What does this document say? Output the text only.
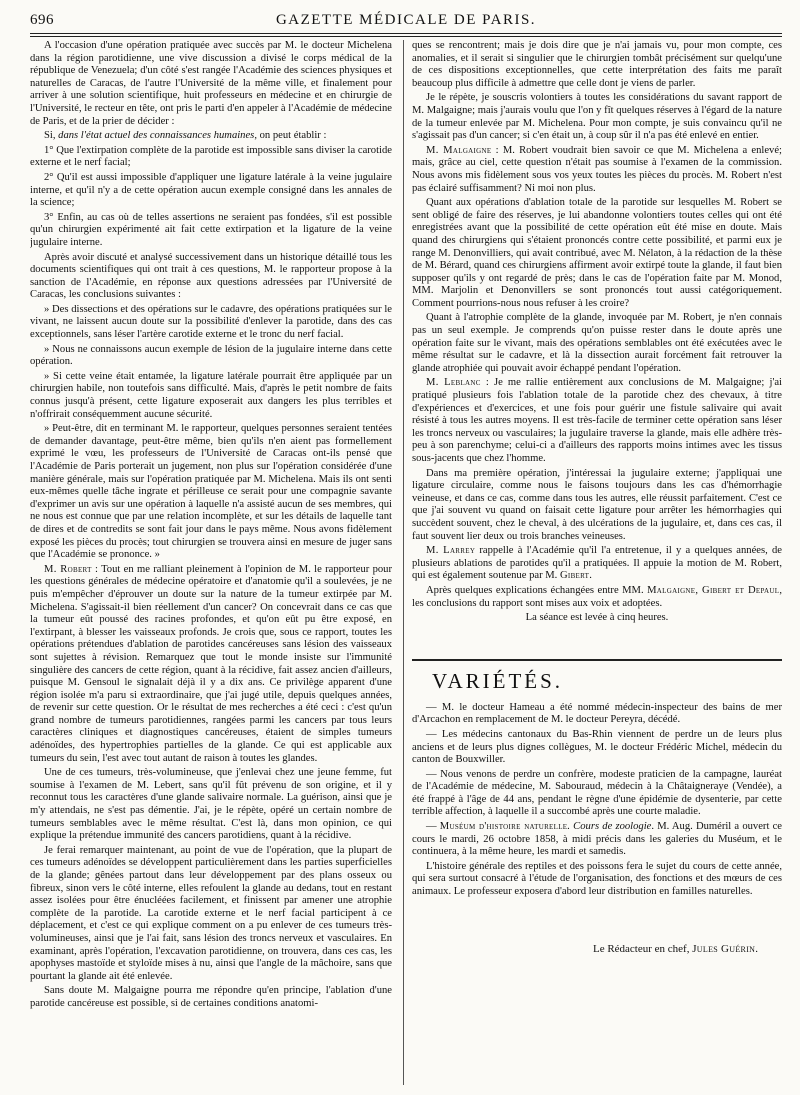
696	GAZETTE MÉDICALE DE PARIS.

A l'occasion d'une opération pratiquée avec succès par M. le docteur Michelena dans la région parotidienne, une vive discussion a divisé le corps médical de la république de Venezuela; d'un côté s'est rangée l'Académie des sciences physiques et naturelles de Caracas, de l'autre l'Université de la même ville, et finalement pour arriver à une solution scientifique, huit professeurs en médecine et en chirurgie de l'Université, le recteur en tête, ont pris le parti d'en appeler à l'Académie de médecine de Paris, et de la prier de décider :

Si, dans l'état actuel des connaissances humaines, on peut établir :

1° Que l'extirpation complète de la parotide est impossible sans diviser la carotide externe et le nerf facial;

2° Qu'il est aussi impossible d'appliquer une ligature latérale à la veine jugulaire interne, et qu'il n'y a de cette opération aucun exemple consigné dans les annales de la science;

3° Enfin, au cas où de telles assertions ne seraient pas fondées, s'il est possible qu'un chirurgien expérimenté ait fait cette extirpation et la ligature de la veine jugulaire interne.

Après avoir discuté et analysé successivement dans un historique détaillé tous les documents scientifiques qui ont trait à ces questions, M. le rapporteur propose à la sanction de l'Académie, en réponse aux questions adressées par l'Université de Caracas, les conclusions suivantes :

» Des dissections et des opérations sur le cadavre, des opérations pratiquées sur le vivant, ne laissent aucun doute sur la possibilité d'enlever la parotide, dans des cas exceptionnels, sans léser l'artère carotide externe et le tronc du nerf facial.

» Nous ne connaissons aucun exemple de lésion de la jugulaire interne dans cette opération.

» Si cette veine était entamée, la ligature latérale pourrait être appliquée par un chirurgien habile, non toutefois sans difficulté. Mais, d'après le petit nombre de faits connus jusqu'à présent, cette ligature exposerait aux dangers les plus terribles et n'offrirait conséquemment aucune sécurité.

» Peut-être, dit en terminant M. le rapporteur, quelques personnes seraient tentées de demander davantage, peut-être même, bien qu'ils n'en aient pas formellement exprimé le vœu, les professeurs de l'Université de Caracas ont-ils pensé que l'Académie de Paris porterait un jugement, non plus sur l'opération considérée d'une manière générale, mais sur l'opération pratiquée par M. Michelena. Mais ils ont senti eux-mêmes quelle tâche ingrate et périlleuse ce serait pour une compagnie savante d'exprimer un avis sur une opération à laquelle n'a assisté aucun de ses membres, qui ne nous est connue que par une relation incomplète, et sur les détails de laquelle tant de dires et de contredits se sont fait jour dans le pays même. Nous avons fidèlement exposé les pièces du procès; tout chirurgien se trouvera ainsi en mesure de juger sans que l'Académie se prononce. »

M. Robert : Tout en me ralliant pleinement à l'opinion de M. le rapporteur pour les questions générales de médecine opératoire et d'anatomie qu'il a soulevées, je ne puis m'empêcher d'éprouver un doute sur la nature de la tumeur extirpée par M. Michelena. S'agissait-il bien réellement d'un cancer? On concevrait dans ce cas que la tumeur eût poussé des racines profondes, et qu'on eût pu être exposé, en l'extirpant, à blesser les vaisseaux profonds. Je crois que, sous ce rapport, toutes les opérations prétendues d'ablation de parotides cancéreuses sans lésion des vaisseaux sont sujettes à révision. Remarquez que tout le monde insiste sur l'immunité singulière des cancers de cette région, quant à la récidive, fait assez ancien d'ailleurs, puisque M. Gensoul le signalait déjà il y a dix ans. Ce privilège apparent d'une région isolée m'a paru si extraordinaire, que j'ai jugé utile, depuis quelques années, de revenir sur cette question. Or le résultat de mes recherches a été ceci : c'est qu'un grand nombre de tumeurs parotidiennes, rangées parmi les cancers par tous leurs caractères cliniques et diagnostiques cancéreuses, étaient de simples tumeurs adénoïdes, des hypertrophies partielles de la glande. Ce qui est applicable aux tumeurs du sein, l'est avec tout autant de raison à toutes les glandes.

Une de ces tumeurs, très-volumineuse, que j'enlevai chez une jeune femme, fut soumise à l'examen de M. Lebert, sans qu'il fût prévenu de son origine, et il y reconnut tous les caractères d'une glande salivaire normale. La guérison, ainsi que je m'y attendais, ne s'est pas démentie. J'ai, je le répète, opéré un certain nombre de tumeurs semblables avec le même résultat. C'est là, dans mon opinion, ce qui explique la prétendue immunité des cancers parotidiens, quant à la récidive.

Je ferai remarquer maintenant, au point de vue de l'opération, que la plupart de ces tumeurs adénoïdes se développent particulièrement dans les parties superficielles de la glande; gênées partout dans leur développement par des plans osseux ou fibreux, sinon vers le côté interne, elles refoulent la glande au dedans, tout en restant assez isolées pour être énucléées facilement, et finissent par amener une atrophie complète de la parotide. La carotide externe et le nerf facial participent à ce déplacement, et c'est ce qui explique comment on a pu enlever de ces tumeurs très-volumineuses, ainsi que je l'ai fait, sans lésion des troncs nerveux et vasculaires. En examinant, après l'opération, l'excavation parotidienne, on trouvera, dans ces cas, les apophyses mastoïde et styloïde mises à nu, ainsi que l'angle de la mâchoire, sans que pourtant la glande ait été enlevée.

Sans doute M. Malgaigne pourra me répondre qu'en principe, l'ablation d'une parotide cancéreuse est possible, si de certaines conditions anatomi-

ques se rencontrent; mais je dois dire que je n'ai jamais vu, pour mon compte, ces anomalies, et il serait si singulier que le chirurgien tombât précisément sur quelqu'une de ces dispositions exceptionnelles, que cette interprétation des faits me paraît beaucoup plus difficile à admettre que celle dont je viens de parler.

Je le répète, je souscris volontiers à toutes les considérations du savant rapport de M. Malgaigne; mais j'aurais voulu que l'on y fît quelques réserves à l'égard de la nature de la tumeur enlevée par M. Michelena. Pour mon compte, je suis convaincu qu'il ne s'agissait pas d'un cancer; si c'en était un, à coup sûr il n'a pas été enlevé en entier.

M. Malgaigne : M. Robert voudrait bien savoir ce que M. Michelena a enlevé; mais, grâce au ciel, cette question n'était pas soumise à l'examen de la commission. Nous avons mis fidèlement sous vos yeux toutes les pièces du procès. M. Robert n'est pas éclairé suffisamment? Ni moi non plus.

Quant aux opérations d'ablation totale de la parotide sur lesquelles M. Robert se sent obligé de faire des réserves, je lui abandonne volontiers toutes celles qui ont été enregistrées avant que la possibilité de cette opération eût été mise en doute. Mais quand des chirurgiens qui s'étaient prononcés contre cette possibilité, et parmi eux je range M. Denonvilliers, qui avait contribué, avec M. Nélaton, à la rédaction de la thèse de M. Bérard, quand ces chirurgiens affirment avoir extirpé toute la glande, il faut bien supposer qu'ils y ont regardé de près; dans le cas de l'opération faite par M. Monod, MM. Marjolin et Denonvillers se sont prononcés tout aussi catégoriquement. Comment pourrions-nous nous refuser à les croire?

Quant à l'atrophie complète de la glande, invoquée par M. Robert, je n'en connais pas un seul exemple. Je comprends qu'on puisse rester dans le doute après une opération faite sur le vivant, mais des opérations semblables ont été exécutées avec le même résultat sur le cadavre, et là la dissection aurait forcément fait retrouver la glande atrophiée qui pouvait avoir échappé pendant l'opération.

M. Leblanc : Je me rallie entièrement aux conclusions de M. Malgaigne; j'ai pratiqué plusieurs fois l'ablation totale de la parotide chez des chevaux, à titre d'expériences et d'exercices, et une fois pour guérir une fistule salivaire qui avait résisté à tous les autres moyens. Il est très-facile de terminer cette opération sans léser les troncs nerveux ou vasculaires; la jugulaire traverse la glande, mais elle adhère très-peu à son parenchyme; celui-ci a d'ailleurs des rapports moins intimes avec les tissus sous-jacents que chez l'homme.

Dans ma première opération, j'intéressai la jugulaire externe; j'appliquai une ligature circulaire, comme nous le faisons toujours dans les cas d'hémorrhagie veineuse, et dans ce cas, comme dans tous les autres, elle réussit parfaitement. C'est ce que j'ai souvent vu quand on faisait cette ligature pour arrêter les hémorrhagies qui succèdent souvent, chez le cheval, à des ulcérations de la jugulaire, et, dans ces cas, il faut souvent lier deux ou trois branches veineuses.

M. Larrey rappelle à l'Académie qu'il l'a entretenue, il y a quelques années, de plusieurs ablations de parotides qu'il a pratiquées. Il appuie la motion de M. Robert, qui est également soutenue par M. Gibert.

Après quelques explications échangées entre MM. Malgaigne, Gibert et Depaul, les conclusions du rapport sont mises aux voix et adoptées.

La séance est levée à cinq heures.

VARIÉTÉS.

— M. le docteur Hameau a été nommé médecin-inspecteur des bains de mer d'Arcachon en remplacement de M. le docteur Pereyra, décédé.

— Les médecins cantonaux du Bas-Rhin viennent de perdre un de leurs plus anciens et de leurs plus dignes collègues, M. le docteur Frédéric Michel, médecin du canton de Bouxwiller.

— Nous venons de perdre un confrère, modeste praticien de la campagne, lauréat de l'Académie de médecine, M. Sabouraud, médecin à la Châtaigneraye (Vendée), a été frappé à l'âge de 44 ans, pendant le règne d'une épidémie de dysenterie, par cette terrible affection, à laquelle il a succombé après une courte maladie.

— Muséum d'histoire naturelle. Cours de zoologie. M. Aug. Duméril a ouvert ce cours le mardi, 26 octobre 1858, à midi précis dans les galeries du Muséum, et le continuera, à la même heure, les mardi et samedis.

L'histoire générale des reptiles et des poissons fera le sujet du cours de cette année, qui sera surtout consacré à l'étude de l'organisation, des fonctions et des mœurs de ces animaux. Le professeur exposera d'abord leur distribution en familles naturelles.

Le Rédacteur en chef, Jules Guérin.
